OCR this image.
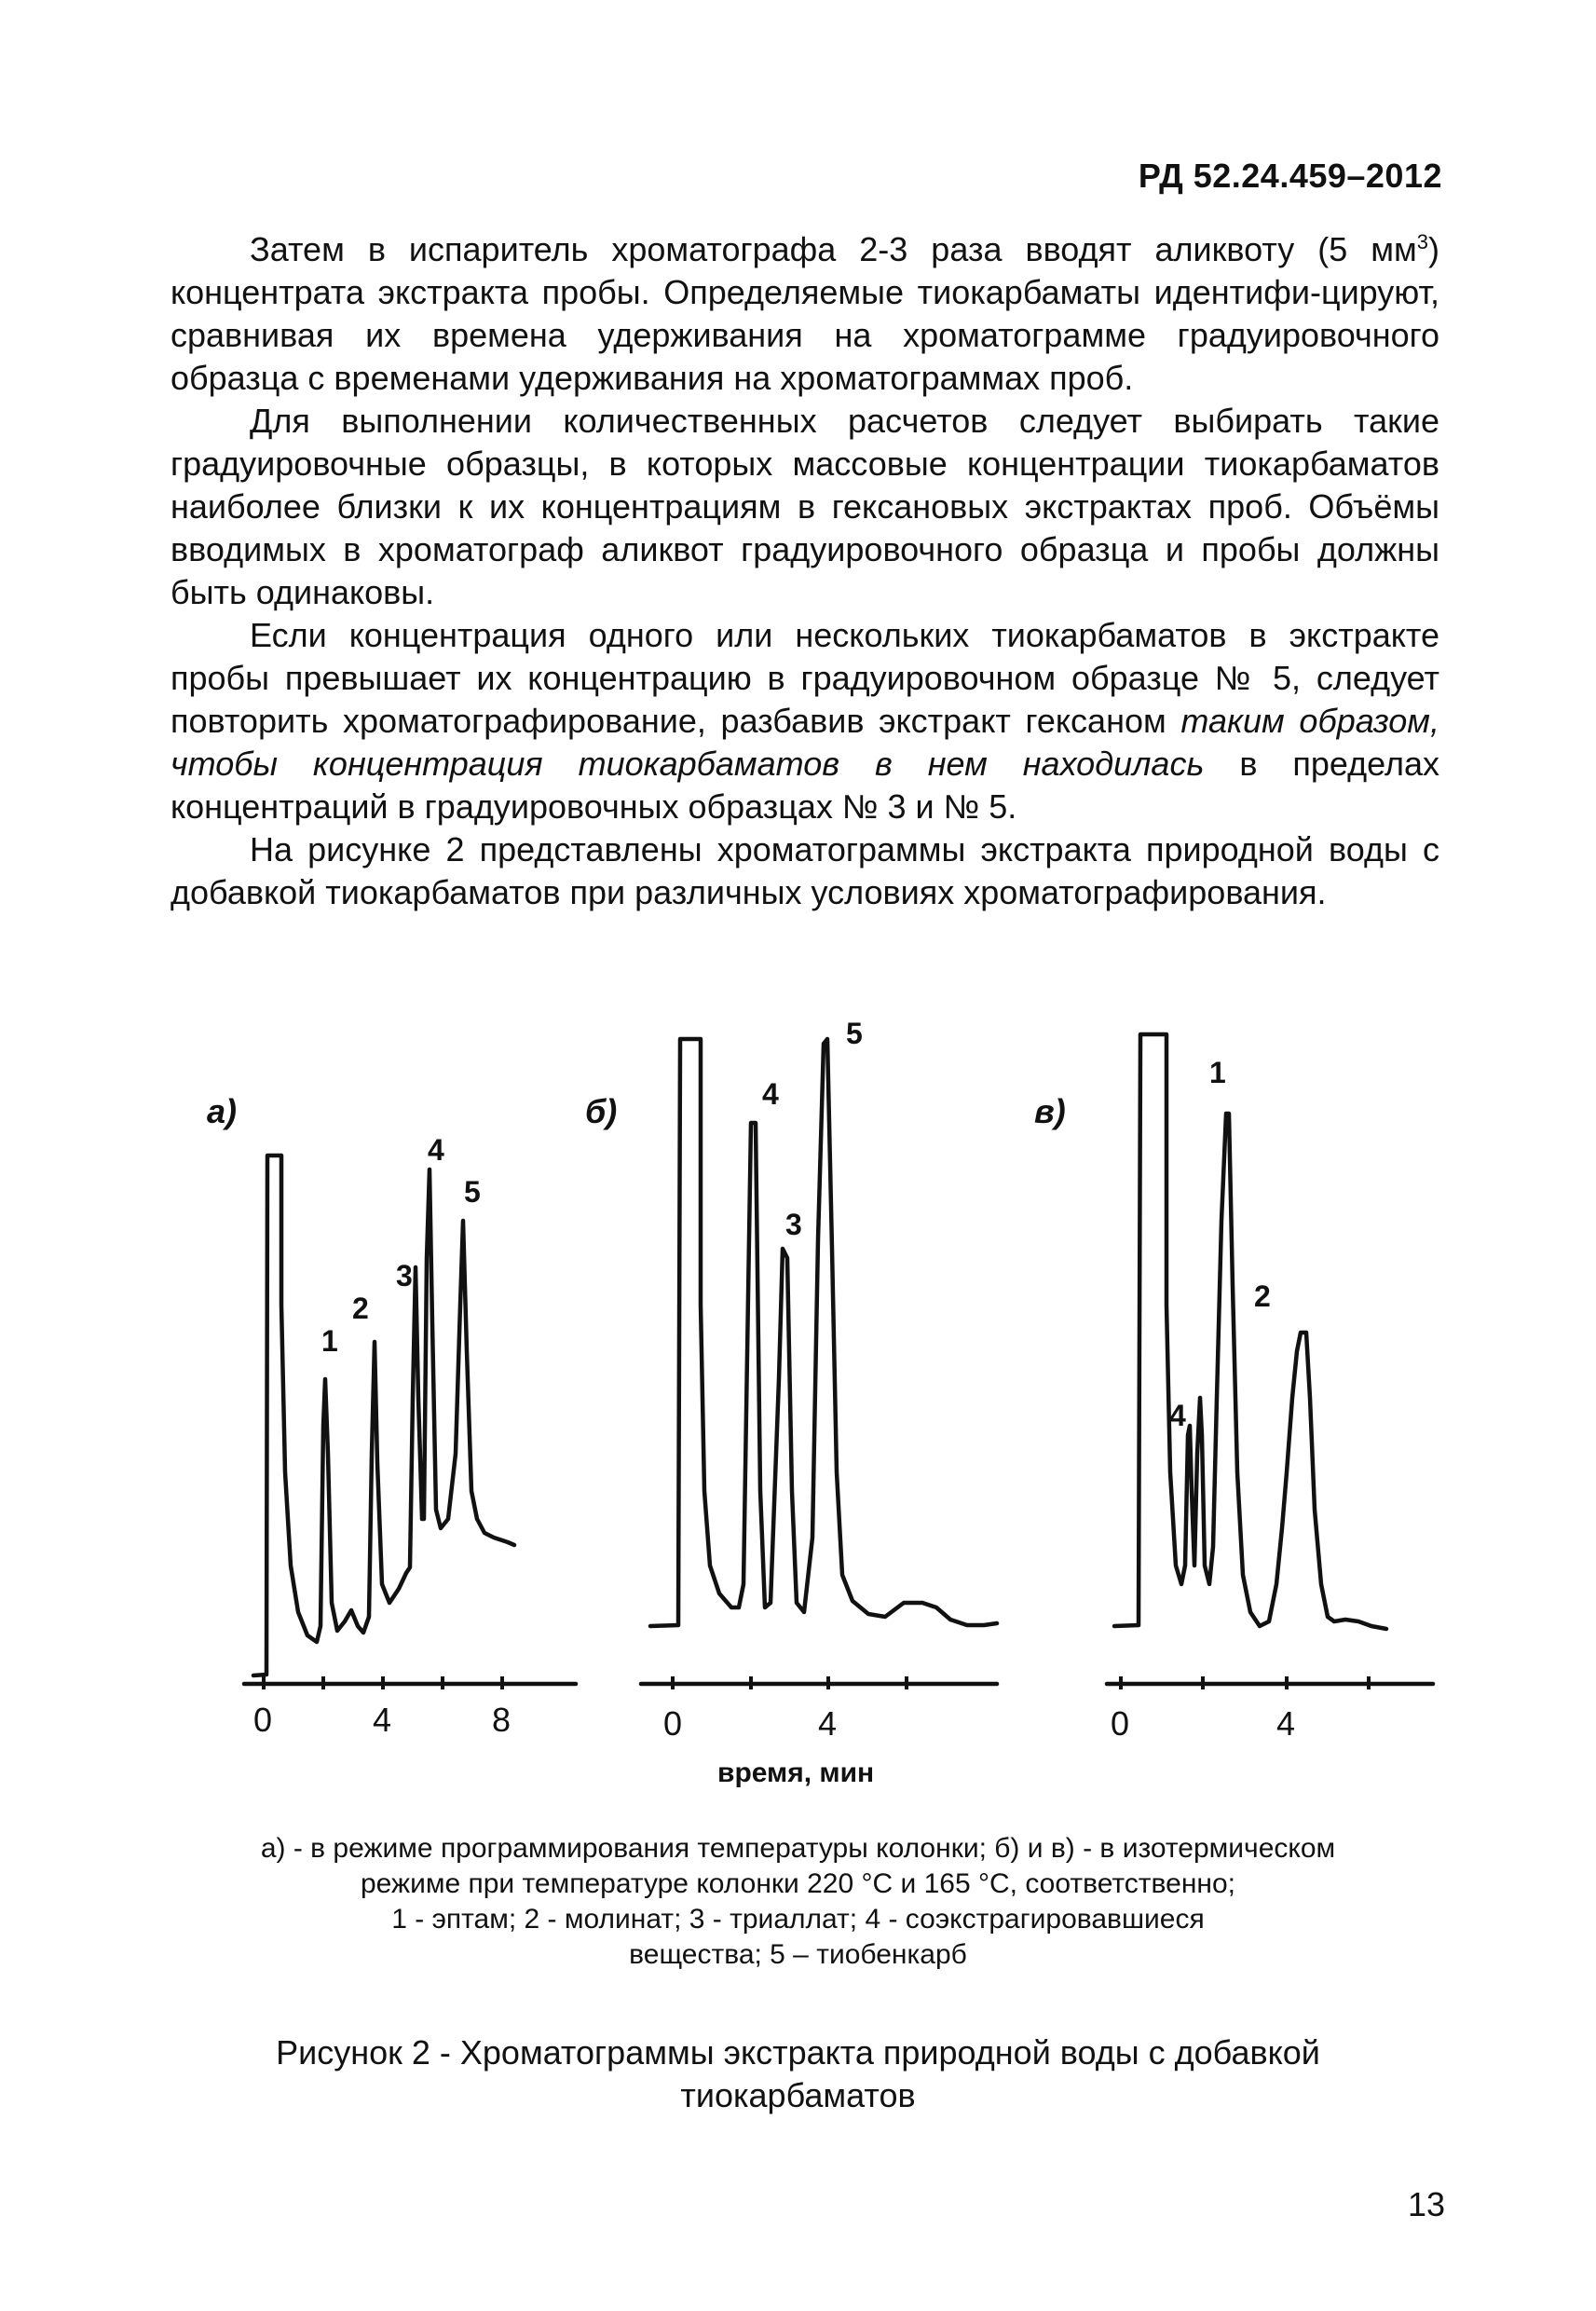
РД 52.24.459–2012

Затем в испаритель хроматографа 2-3 раза вводят аликвоту (5 $мм^3$) концентрата экстракта пробы. Определяемые тиокарбаматы идентифи-цируют, сравнивая их времена удерживания на хроматограмме градуировочного образца с временами удерживания на хроматограммах проб.

Для выполнении количественных расчетов следует выбирать такие градуировочные образцы, в которых массовые концентрации тиокарбаматов наиболее близки к их концентрациям в гексановых экстрактах проб. Объёмы вводимых в хроматограф аликвот градуировочного образца и пробы должны быть одинаковы.

Если концентрация одного или нескольких тиокарбаматов в экстракте пробы превышает их концентрацию в градуировочном образце № 5, следует повторить хроматографирование, разбавив экстракт гексаном таким образом, чтобы концентрация тиокарбаматов в нем находилась в пределах концентраций в градуировочных образцах № 3 и № 5.

На рисунке 2 представлены хроматограммы экстракта природной воды с добавкой тиокарбаматов при различных условиях хроматографирования.

а)	б)	в)
1
2
3
4
5
4
3
5
1
2
4
0	4	8	0	4	0	4
время, мин

а) - в режиме программирования температуры колонки; б) и в) - в изотермическом

режиме при температуре колонки 220 °С и 165 °С, соответственно;

1 - эптам; 2 - молинат; 3 - триаллат; 4 - соэкстрагировавшиеся

вещества; 5 – тиобенкарб

Рисунок 2 - Хроматограммы экстракта природной воды с добавкой
тиокарбаматов
13
